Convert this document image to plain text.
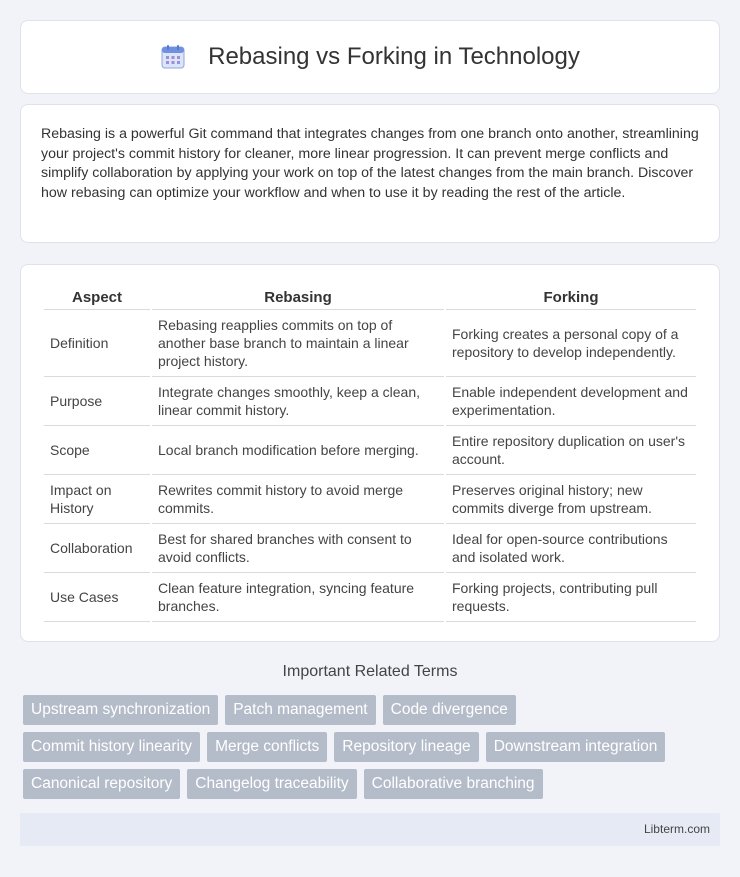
Rebasing vs Forking in Technology

Rebasing is a powerful Git command that integrates changes from one branch onto another, streamlining your project's commit history for cleaner, more linear progression. It can prevent merge conflicts and simplify collaboration by applying your work on top of the latest changes from the main branch. Discover how rebasing can optimize your workflow and when to use it by reading the rest of the article.

Aspect	Rebasing	Forking
Definition	Rebasing reapplies commits on top of another base branch to maintain a linear project history.	Forking creates a personal copy of a repository to develop independently.
Purpose	Integrate changes smoothly, keep a clean, linear commit history.	Enable independent development and experimentation.
Scope	Local branch modification before merging.	Entire repository duplication on user's account.
Impact on History	Rewrites commit history to avoid merge commits.	Preserves original history; new commits diverge from upstream.
Collaboration	Best for shared branches with consent to avoid conflicts.	Ideal for open-source contributions and isolated work.
Use Cases	Clean feature integration, syncing feature branches.	Forking projects, contributing pull requests.
Important Related Terms
Upstream synchronization	Patch management	Code divergence
Commit history linearity	Merge conflicts	Repository lineage	Downstream integration
Canonical repository	Changelog traceability	Collaborative branching
Libterm.com
